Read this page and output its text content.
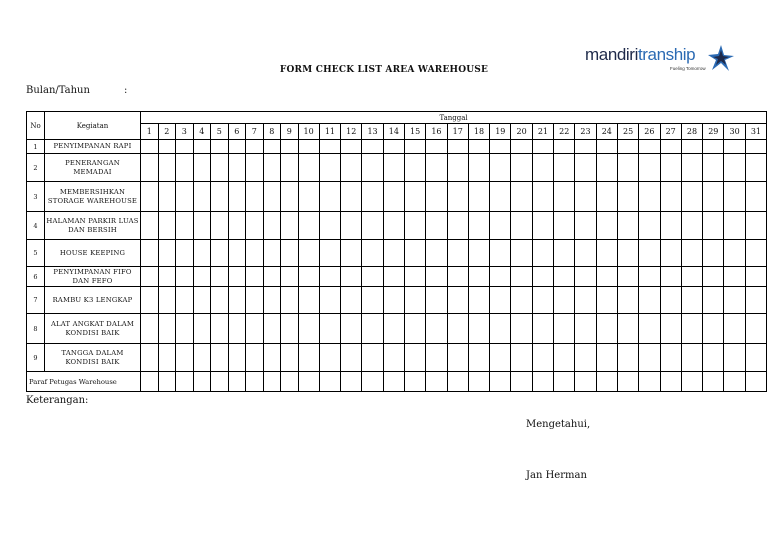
mandiritranship
Fueling Tomorrow
FORM CHECK LIST AREA WAREHOUSE
Bulan/Tahun	:
No	Kegiatan	Tanggal																														
		1	2	3	4	5	6	7	8	9	10	11	12	13	14	15	16	17	18	19	20	21	22	23	24	25	26	27	28	29	30	31
1	PENYIMPANAN RAPI																															
2	PENERANGAN MEMADAI																															
3	MEMBERSIHKAN STORAGE WAREHOUSE																															
4	HALAMAN PARKIR LUAS DAN BERSIH																															
5	HOUSE KEEPING																															
6	PENYIMPANAN FIFO DAN FEFO																															
7	RAMBU K3 LENGKAP																															
8	ALAT ANGKAT DALAM KONDISI BAIK																															
9	TANGGA DALAM KONDISI BAIK																															
Paraf Petugas Warehouse																																
Keterangan:
Mengetahui,
Jan Herman
